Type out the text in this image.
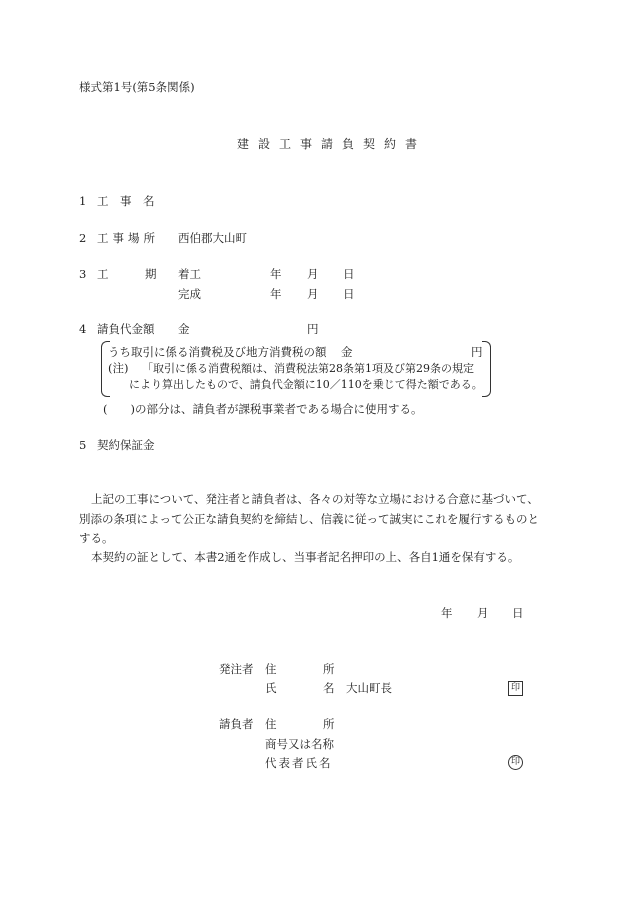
様式第1号(第5条関係)
建設工事請負契約書
1 工　事　名
2 工事場所 西伯郡大山町
3 工	期 着工	年 月 日
完成	年 月 日
4 請負代金額 金	円
うち取引に係る消費税及び地方消費税の額 金	円
(注) 「取引に係る消費税額は、消費税法第28条第1項及び第29条の規定
により算出したもので、請負代金額に10／110を乗じて得た額である。
(　　)の部分は、請負者が課税事業者である場合に使用する。
5 契約保証金
上記の工事について、発注者と請負者は、各々の対等な立場における合意に基づいて、
別添の条項によって公正な請負契約を締結し、信義に従って誠実にこれを履行するものと
する。
本契約の証として、本書2通を作成し、当事者記名押印の上、各自1通を保有する。
年 月 日
発注者 住	所
氏	名 大山町長	印
請負者 住	所
商号又は名称
代表者氏名	印
